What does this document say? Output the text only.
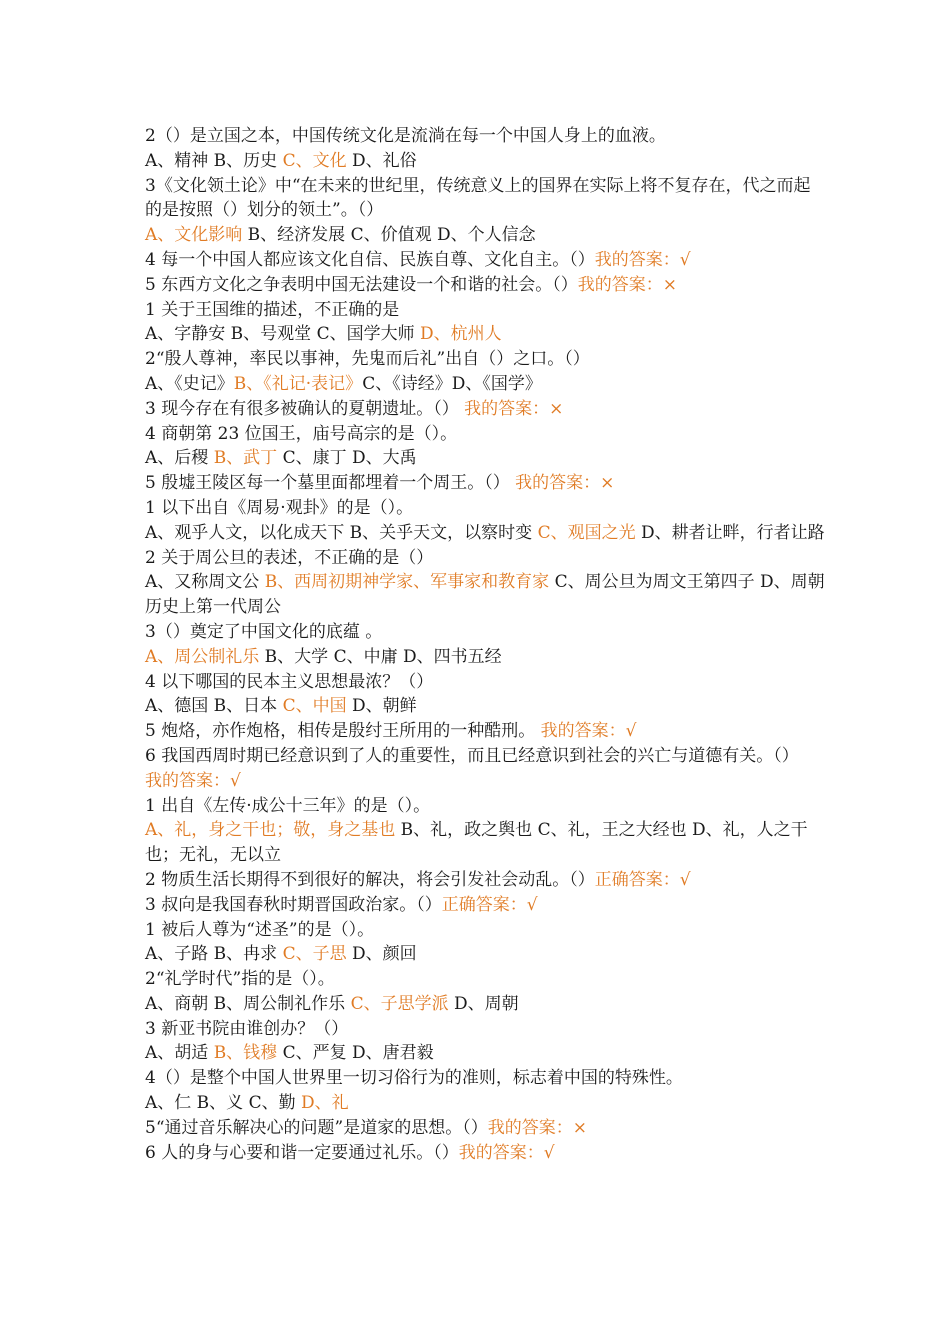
2（）是立国之本，中国传统文化是流淌在每一个中国人身上的血液。
A、精神 B、历史 C、文化 D、礼俗
3《文化领土论》中“在未来的世纪里，传统意义上的国界在实际上将不复存在，代之而起的是按照（）划分的领土”。（）
A、文化影响 B、经济发展 C、价值观 D、个人信念
4 每一个中国人都应该文化自信、民族自尊、文化自主。（）我的答案：√
5 东西方文化之争表明中国无法建设一个和谐的社会。（）我的答案：×
1 关于王国维的描述，不正确的是
A、字静安 B、号观堂 C、国学大师 D、杭州人
2“殷人尊神，率民以事神，先鬼而后礼”出自（）之口。（）
A、《史记》B、《礼记·表记》C、《诗经》D、《国学》
3 现今存在有很多被确认的夏朝遗址。（） 我的答案：×
4 商朝第 23 位国王，庙号高宗的是（）。
A、后稷 B、武丁 C、康丁 D、大禹
5 殷墟王陵区每一个墓里面都埋着一个周王。（） 我的答案：×
1 以下出自《周易·观卦》的是（）。
A、观乎人文，以化成天下 B、关乎天文，以察时变 C、观国之光 D、耕者让畔，行者让路
2 关于周公旦的表述，不正确的是（）
A、又称周文公 B、西周初期神学家、军事家和教育家 C、周公旦为周文王第四子 D、周朝历史上第一代周公
3（）奠定了中国文化的底蕴 。
A、周公制礼乐 B、大学 C、中庸 D、四书五经
4 以下哪国的民本主义思想最浓？（）
A、德国 B、日本 C、中国 D、朝鲜
5 炮烙，亦作炮格，相传是殷纣王所用的一种酷刑。 我的答案：√
6 我国西周时期已经意识到了人的重要性，而且已经意识到社会的兴亡与道德有关。（）
我的答案：√
1 出自《左传·成公十三年》的是（）。
A、礼，身之干也；敬，身之基也 B、礼，政之舆也 C、礼，王之大经也 D、礼，人之干也；无礼，无以立
2 物质生活长期得不到很好的解决，将会引发社会动乱。（）正确答案：√
3 叔向是我国春秋时期晋国政治家。（）正确答案：√
1 被后人尊为“述圣”的是（）。
A、子路 B、冉求 C、子思 D、颜回
2“礼学时代”指的是（）。
A、商朝 B、周公制礼作乐 C、子思学派 D、周朝
3 新亚书院由谁创办？（）
A、胡适 B、钱穆 C、严复 D、唐君毅
4（）是整个中国人世界里一切习俗行为的准则，标志着中国的特殊性。
A、仁 B、义 C、勤 D、礼
5“通过音乐解决心的问题”是道家的思想。（）我的答案：×
6 人的身与心要和谐一定要通过礼乐。（）我的答案：√
